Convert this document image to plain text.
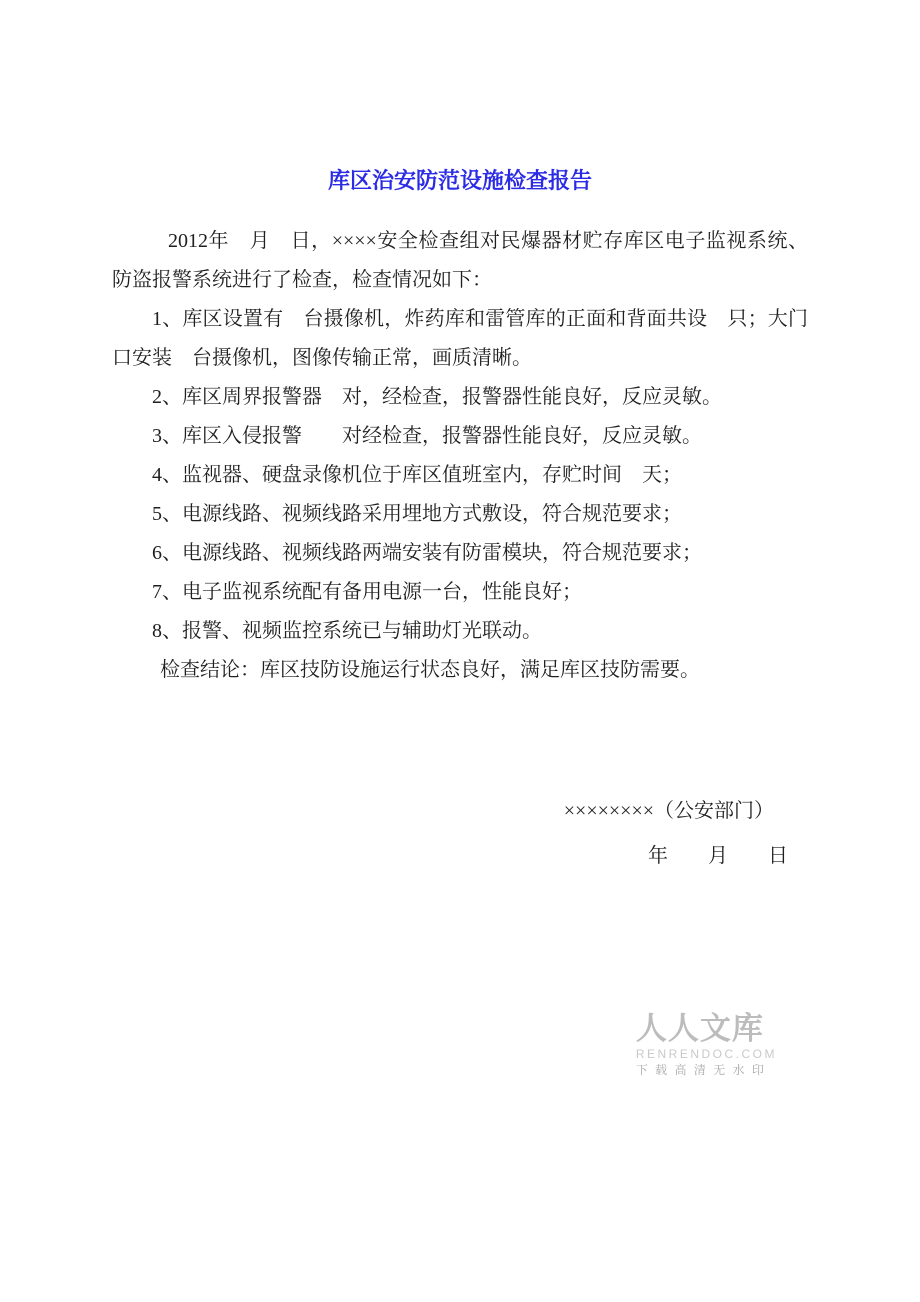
库区治安防范设施检查报告

2012年　月　日，××××安全检查组对民爆器材贮存库区电子监视系统、防盗报警系统进行了检查，检查情况如下：

1、库区设置有　台摄像机，炸药库和雷管库的正面和背面共设　只；大门口安装　台摄像机，图像传输正常，画质清晰。

2、库区周界报警器　对，经检查，报警器性能良好，反应灵敏。

3、库区入侵报警　　对经检查，报警器性能良好，反应灵敏。

4、监视器、硬盘录像机位于库区值班室内，存贮时间　天；

5、电源线路、视频线路采用埋地方式敷设，符合规范要求；

6、电源线路、视频线路两端安装有防雷模块，符合规范要求；

7、电子监视系统配有备用电源一台，性能良好；

8、报警、视频监控系统已与辅助灯光联动。

检查结论：库区技防设施运行状态良好，满足库区技防需要。

××××××××（公安部门）

年　　月　　日

人人文库
RENRENDOC.COM
下 载 高 清 无 水 印
